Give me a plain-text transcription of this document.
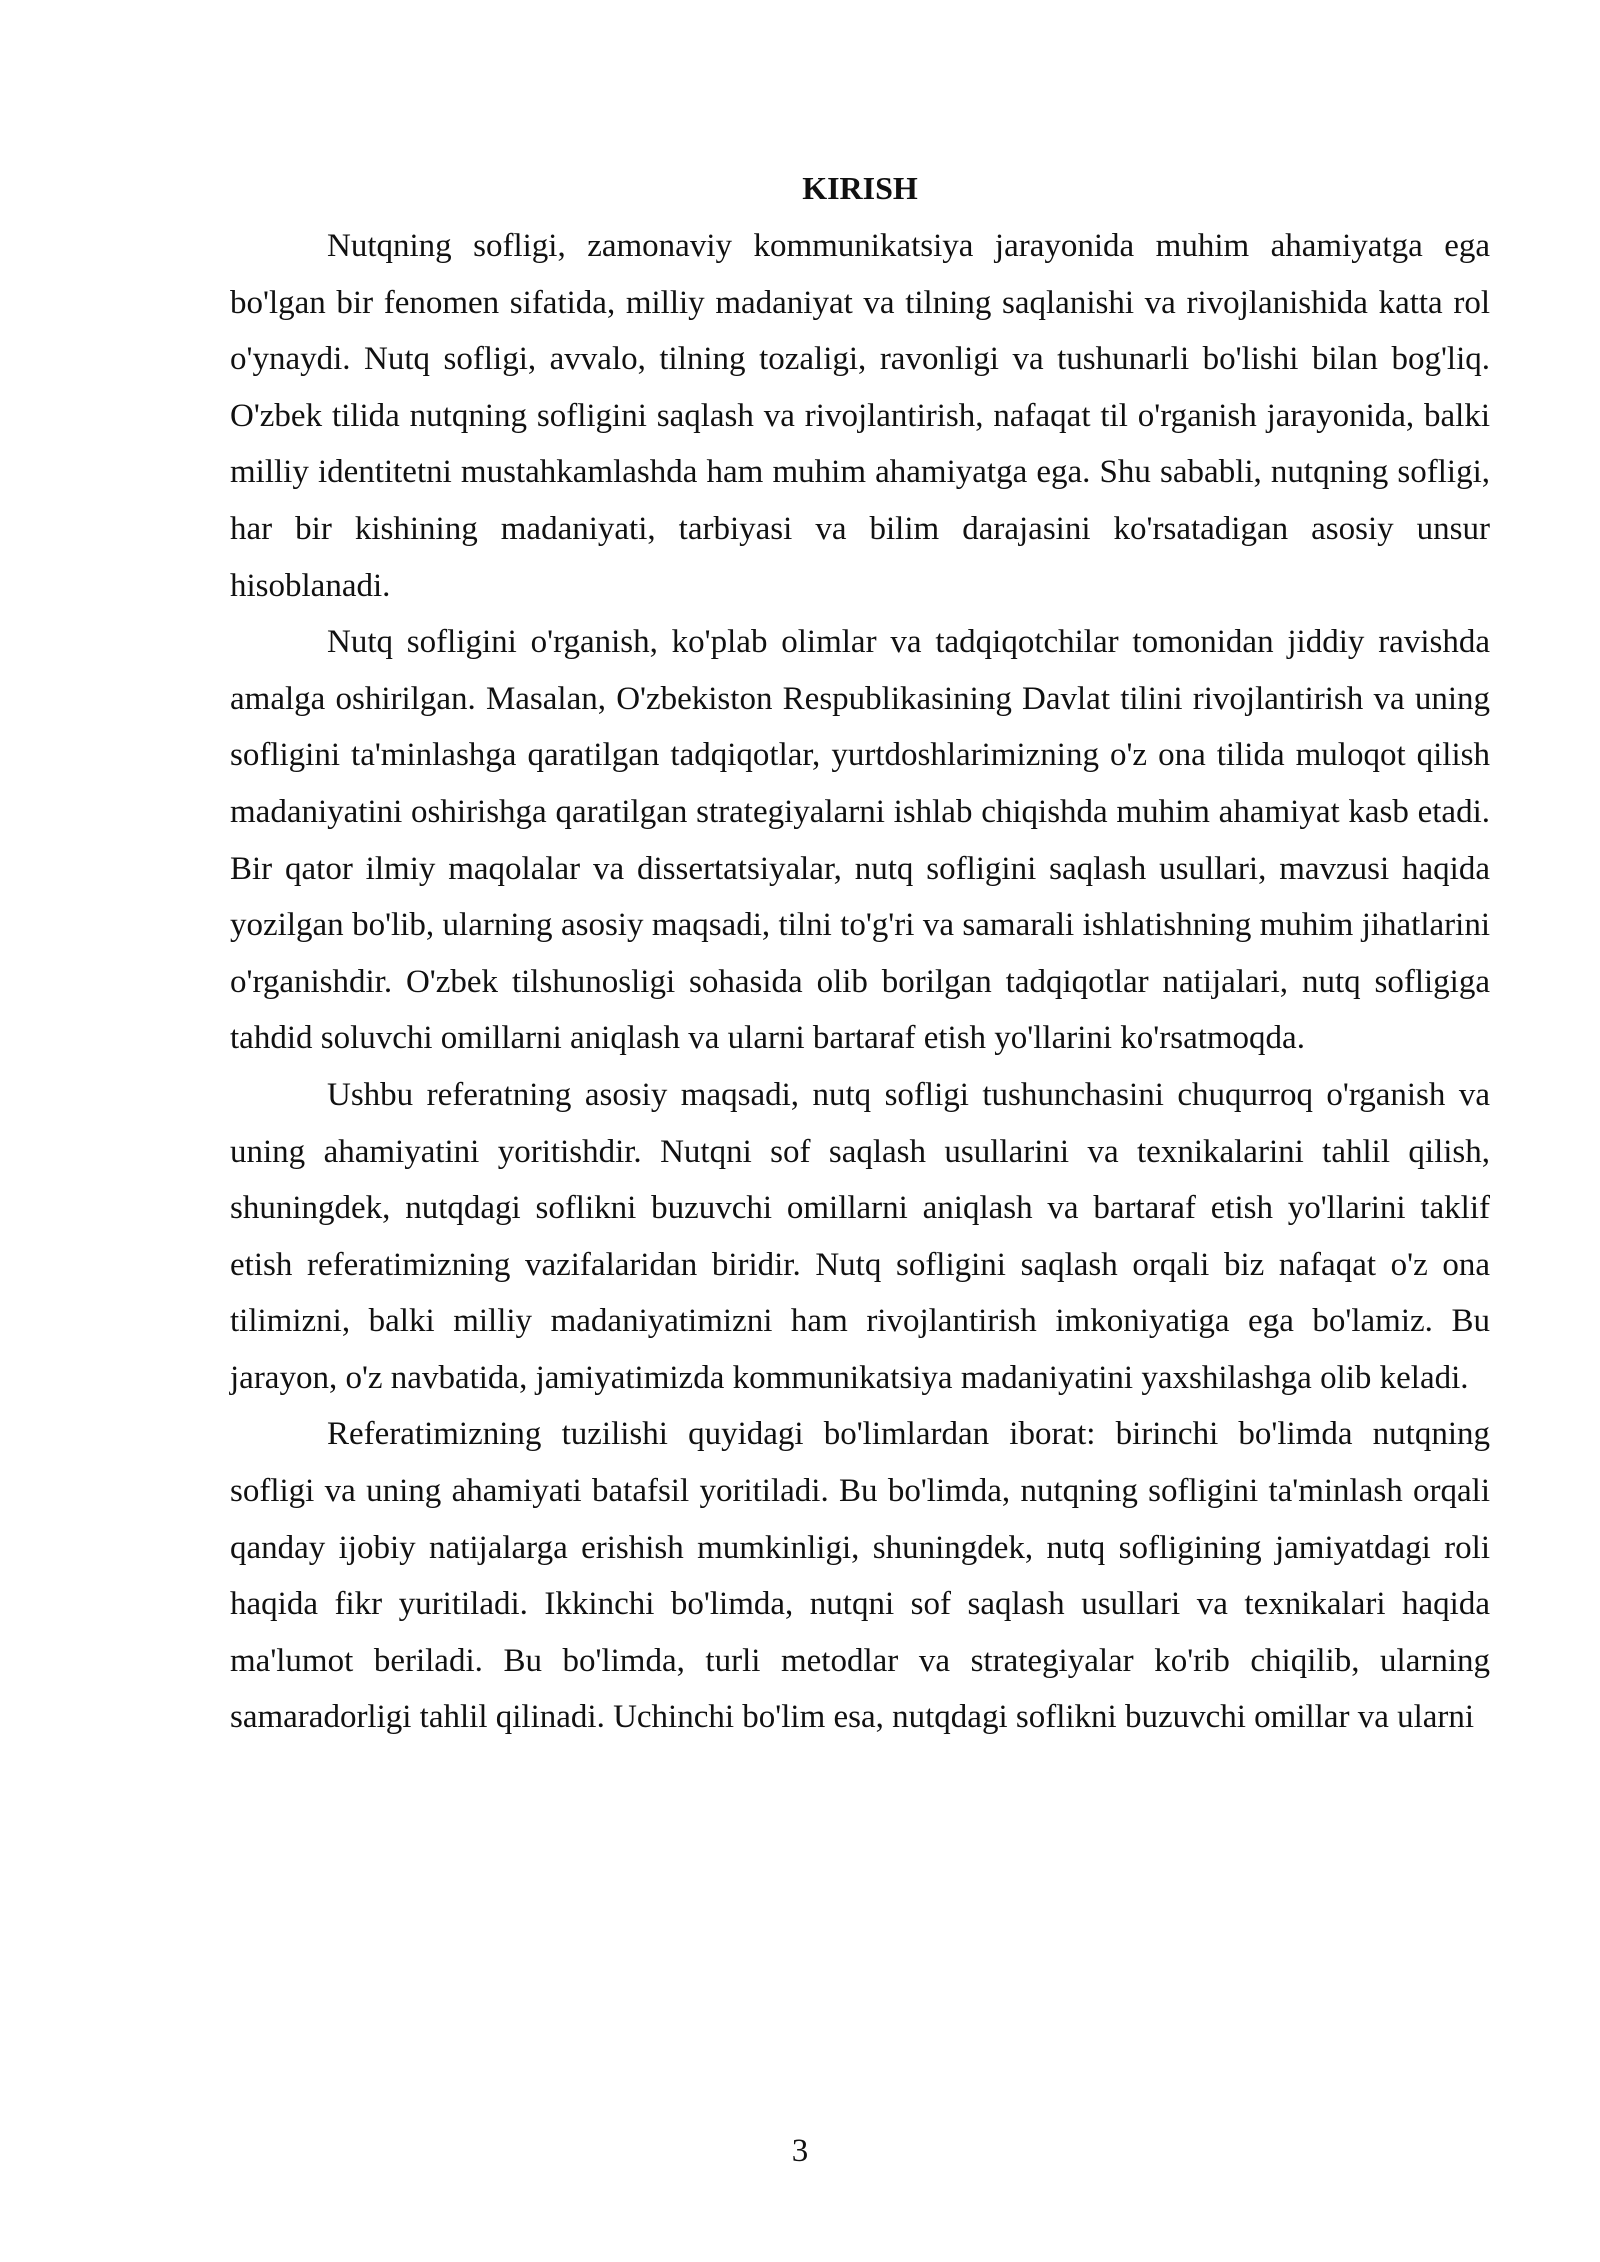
KIRISH

Nutqning sofligi, zamonaviy kommunikatsiya jarayonida muhim ahamiyatga ega bo'lgan bir fenomen sifatida, milliy madaniyat va tilning saqlanishi va rivojlanishida katta rol o'ynaydi. Nutq sofligi, avvalo, tilning tozaligi, ravonligi va tushunarli bo'lishi bilan bog'liq. O'zbek tilida nutqning sofligini saqlash va rivojlantirish, nafaqat til o'rganish jarayonida, balki milliy identitetni mustahkamlashda ham muhim ahamiyatga ega. Shu sababli, nutqning sofligi, har bir kishining madaniyati, tarbiyasi va bilim darajasini ko'rsatadigan asosiy unsur hisoblanadi.

Nutq sofligini o'rganish, ko'plab olimlar va tadqiqotchilar tomonidan jiddiy ravishda amalga oshirilgan. Masalan, O'zbekiston Respublikasining Davlat tilini rivojlantirish va uning sofligini ta'minlashga qaratilgan tadqiqotlar, yurtdoshlarimizning o'z ona tilida muloqot qilish madaniyatini oshirishga qaratilgan strategiyalarni ishlab chiqishda muhim ahamiyat kasb etadi. Bir qator ilmiy maqolalar va dissertatsiyalar, nutq sofligini saqlash usullari, mavzusi haqida yozilgan bo'lib, ularning asosiy maqsadi, tilni to'g'ri va samarali ishlatishning muhim jihatlarini o'rganishdir. O'zbek tilshunosligi sohasida olib borilgan tadqiqotlar natijalari, nutq sofligiga tahdid soluvchi omillarni aniqlash va ularni bartaraf etish yo'llarini ko'rsatmoqda.

Ushbu referatning asosiy maqsadi, nutq sofligi tushunchasini chuqurroq o'rganish va uning ahamiyatini yoritishdir. Nutqni sof saqlash usullarini va texnikalarini tahlil qilish, shuningdek, nutqdagi soflikni buzuvchi omillarni aniqlash va bartaraf etish yo'llarini taklif etish referatimizning vazifalaridan biridir. Nutq sofligini saqlash orqali biz nafaqat o'z ona tilimizni, balki milliy madaniyatimizni ham rivojlantirish imkoniyatiga ega bo'lamiz. Bu jarayon, o'z navbatida, jamiyatimizda kommunikatsiya madaniyatini yaxshilashga olib keladi.

Referatimizning tuzilishi quyidagi bo'limlardan iborat: birinchi bo'limda nutqning sofligi va uning ahamiyati batafsil yoritiladi. Bu bo'limda, nutqning sofligini ta'minlash orqali qanday ijobiy natijalarga erishish mumkinligi, shuningdek, nutq sofligining jamiyatdagi roli haqida fikr yuritiladi. Ikkinchi bo'limda, nutqni sof saqlash usullari va texnikalari haqida ma'lumot beriladi. Bu bo'limda, turli metodlar va strategiyalar ko'rib chiqilib, ularning samaradorligi tahlil qilinadi. Uchinchi bo'lim esa, nutqdagi soflikni buzuvchi omillar va ularni

3
